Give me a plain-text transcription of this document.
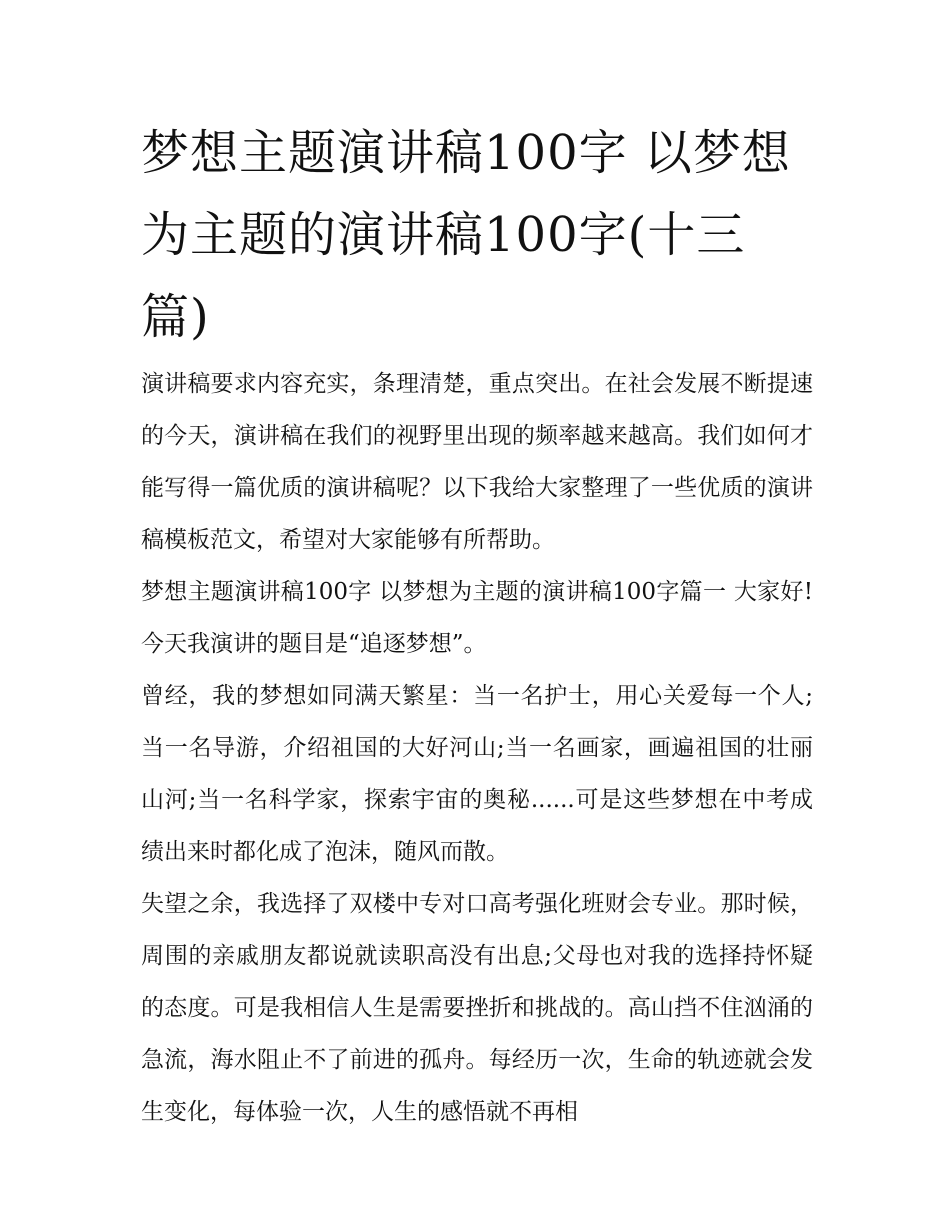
梦想主题演讲稿100字 以梦想
为主题的演讲稿100字(十三
篇)

演讲稿要求内容充实，条理清楚，重点突出。在社会发展不断提速的今天，演讲稿在我们的视野里出现的频率越来越高。我们如何才能写得一篇优质的演讲稿呢？以下我给大家整理了一些优质的演讲稿模板范文，希望对大家能够有所帮助。

梦想主题演讲稿100字 以梦想为主题的演讲稿100字篇一 大家好!今天我演讲的题目是“追逐梦想”。

曾经，我的梦想如同满天繁星：当一名护士，用心关爱每一个人;当一名导游，介绍祖国的大好河山;当一名画家，画遍祖国的壮丽山河;当一名科学家，探索宇宙的奥秘......可是这些梦想在中考成绩出来时都化成了泡沫，随风而散。

失望之余，我选择了双楼中专对口高考强化班财会专业。那时候，周围的亲戚朋友都说就读职高没有出息;父母也对我的选择持怀疑的态度。可是我相信人生是需要挫折和挑战的。高山挡不住汹涌的急流，海水阻止不了前进的孤舟。每经历一次，生命的轨迹就会发生变化，每体验一次，人生的感悟就不再相
